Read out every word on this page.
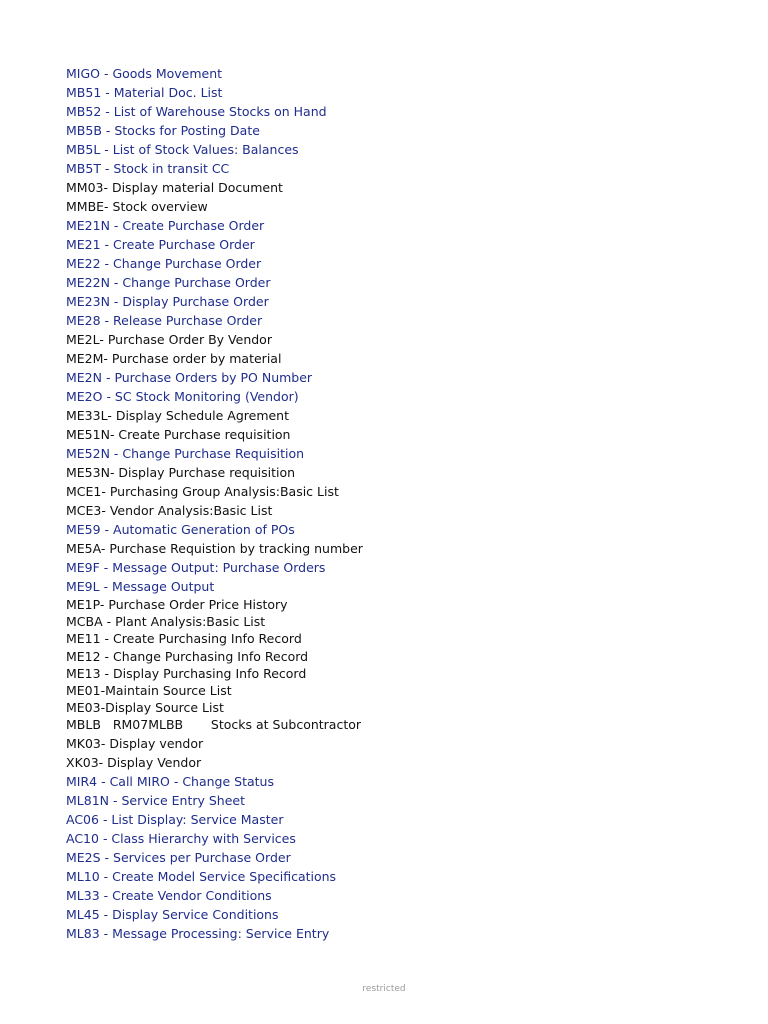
MIGO - Goods Movement
MB51 - Material Doc. List
MB52 - List of Warehouse Stocks on Hand
MB5B - Stocks for Posting Date
MB5L - List of Stock Values: Balances
MB5T - Stock in transit CC
MM03- Display material Document
MMBE- Stock overview
ME21N - Create Purchase Order
ME21 - Create Purchase Order
ME22 - Change Purchase Order
ME22N - Change Purchase Order
ME23N - Display Purchase Order
ME28 - Release Purchase Order
ME2L- Purchase Order By Vendor
ME2M- Purchase order by material
ME2N - Purchase Orders by PO Number
ME2O - SC Stock Monitoring (Vendor)
ME33L- Display Schedule Agrement
ME51N- Create Purchase requisition
ME52N - Change Purchase Requisition
ME53N- Display Purchase requisition
MCE1- Purchasing Group Analysis:Basic List
MCE3- Vendor Analysis:Basic List
ME59 - Automatic Generation of POs
ME5A- Purchase Requistion by tracking number
ME9F - Message Output: Purchase Orders
ME9L - Message Output
ME1P- Purchase Order Price History
MCBA - Plant Analysis:Basic List
ME11 - Create Purchasing Info Record
ME12 - Change Purchasing Info Record
ME13 - Display Purchasing Info Record
ME01-Maintain Source List
ME03-Display Source List
MBLB   RM07MLBB       Stocks at Subcontractor
MK03- Display vendor
XK03- Display Vendor
MIR4 - Call MIRO - Change Status
ML81N - Service Entry Sheet
AC06 - List Display: Service Master
AC10 - Class Hierarchy with Services
ME2S - Services per Purchase Order
ML10 - Create Model Service Specifications
ML33 - Create Vendor Conditions
ML45 - Display Service Conditions
ML83 - Message Processing: Service Entry
restricted
